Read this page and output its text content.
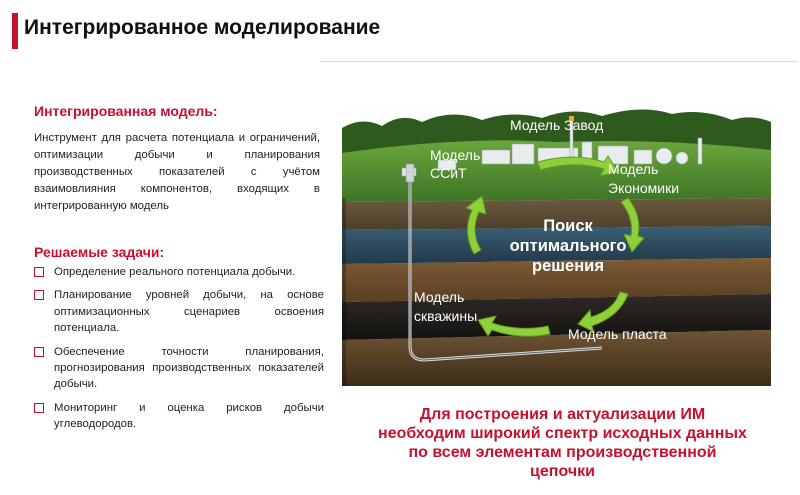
Интегрированное моделирование
Интегрированная модель:
Инструмент для расчета потенциала и ограничений, оптимизации добычи и планирования производственных показателей с учётом взаимовлияния компонентов, входящих в интегрированную модель
Решаемые задачи:
Определение реального потенциала добычи.
Планирование уровней добычи, на основе оптимизационных сценариев освоения потенциала.
Обеспечение точности планирования, прогнозирования производственных показателей добычи.
Мониторинг и оценка рисков добычи углеводородов.
Модель Завод
Модель
ССиТ	Модель
Экономики
Модель
скважины
Модель пласта
Поиск
оптимального
решения
Для построения и актуализации ИМ
необходим широкий спектр исходных данных
по всем элементам производственной
цепочки
